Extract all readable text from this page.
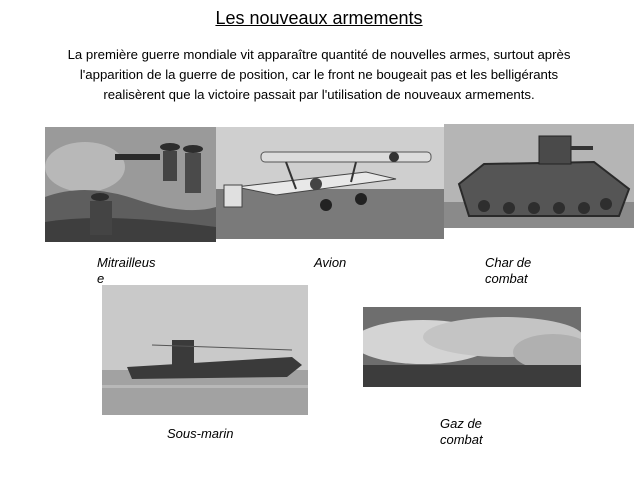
Les nouveaux armements
La première guerre mondiale vit apparaître quantité de nouvelles armes, surtout après
l'apparition de la guerre de position, car le front ne bougeait pas et les belligérants
realisèrent que la victoire passait par l'utilisation de nouveaux armements.
Mitrailleus
e
Avion	Char de
combat
Sous-marin
Gaz de
combat
